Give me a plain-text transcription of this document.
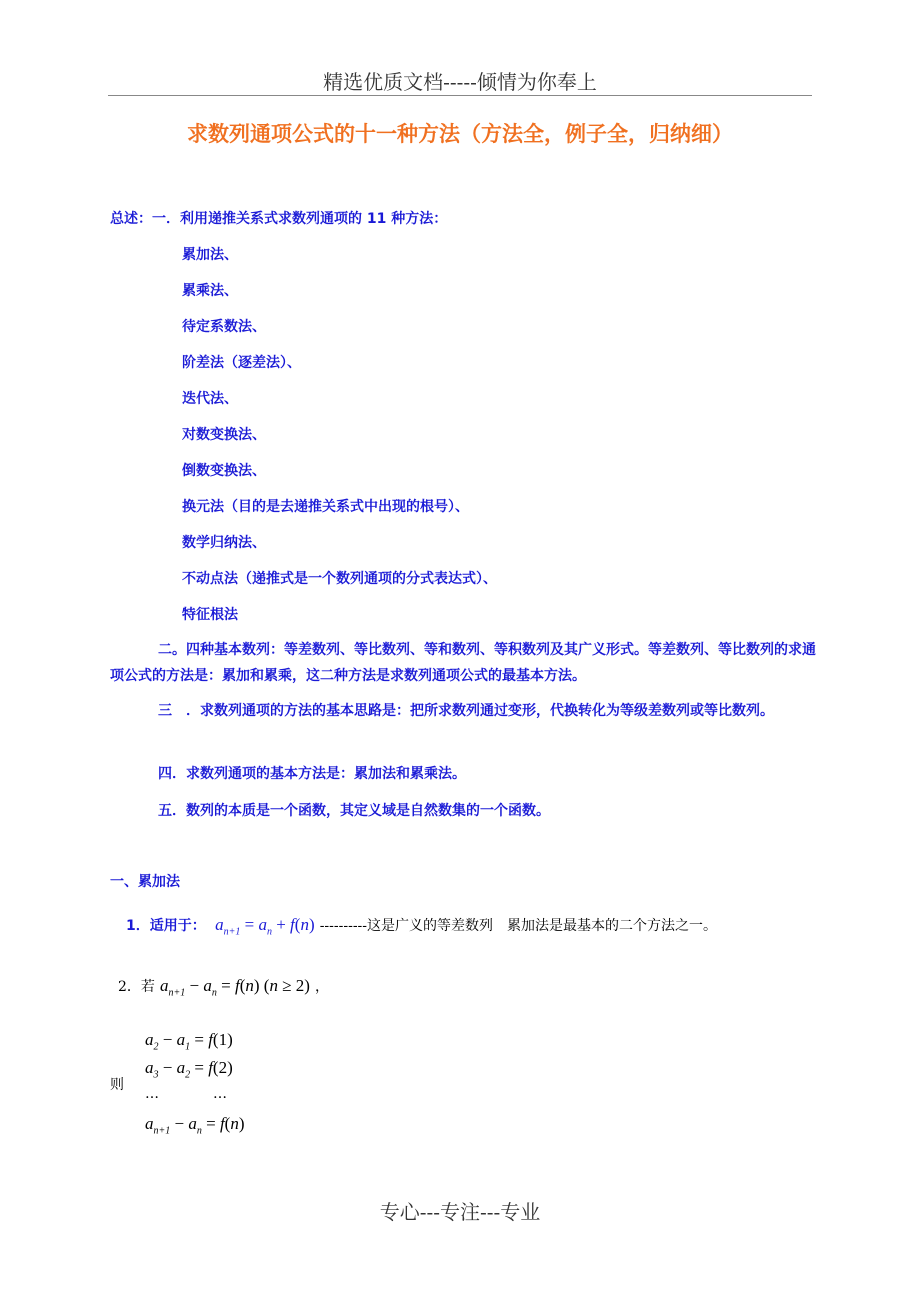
精选优质文档-----倾情为你奉上
求数列通项公式的十一种方法（方法全，例子全，归纳细）
总述：一．利用递推关系式求数列通项的 11 种方法：
累加法、
累乘法、
待定系数法、
阶差法（逐差法）、
迭代法、
对数变换法、
倒数变换法、
换元法（目的是去递推关系式中出现的根号）、
数学归纳法、
不动点法（递推式是一个数列通项的分式表达式）、
特征根法
二。四种基本数列：等差数列、等比数列、等和数列、等积数列及其广义形式。等差数列、等比数列的求通项公式的方法是：累加和累乘，这二种方法是求数列通项公式的最基本方法。
三　．求数列通项的方法的基本思路是：把所求数列通过变形，代换转化为等级差数列或等比数列。
四．求数列通项的基本方法是：累加法和累乘法。
五．数列的本质是一个函数，其定义域是自然数集的一个函数。
一、累加法
1．适用于：  $a_{n+1} = a_n + f(n)$ ----------这是广义的等差数列　累加法是最基本的二个方法之一。
2．若 $a_{n+1} - a_n = f(n) (n \ge 2)$ ，
则
$a_2 - a_1 = f(1)$
$a_3 - a_2 = f(2)$
…	…
$a_{n+1} - a_n = f(n)$
专心---专注---专业
